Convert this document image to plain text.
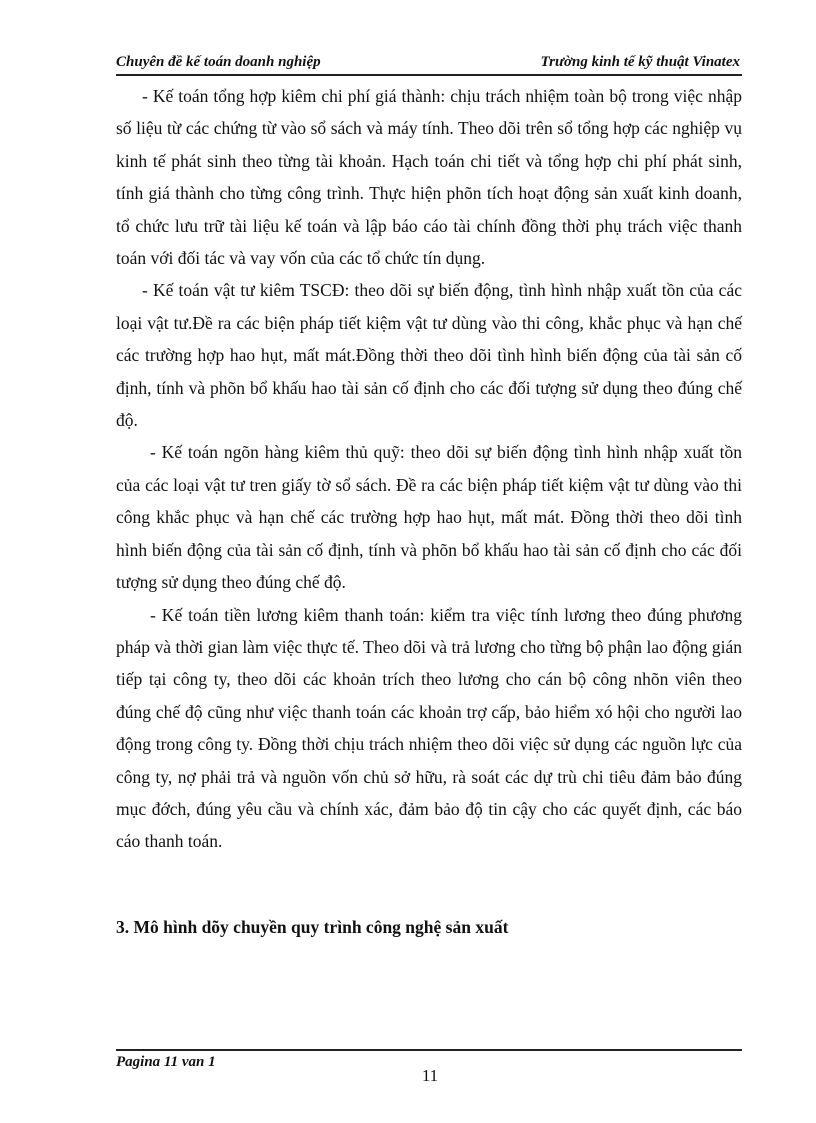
Chuyên đề kế toán doanh nghiệp	Trường kinh tế kỹ thuật Vinatex

- Kế toán tổng hợp kiêm chi phí giá thành: chịu trách nhiệm toàn bộ trong việc nhập số liệu từ các chứng từ vào sổ sách và máy tính. Theo dõi trên sổ tổng hợp các nghiệp vụ kinh tế phát sinh theo từng tài khoản. Hạch toán chi tiết và tổng hợp chi phí phát sinh, tính giá thành cho từng công trình. Thực hiện phõn tích hoạt động sản xuất kinh doanh, tổ chức lưu trữ tài liệu kế toán và lập báo cáo tài chính đồng thời phụ trách việc thanh toán với đối tác và vay vốn của các tổ chức tín dụng.

- Kế toán vật tư kiêm TSCĐ: theo dõi sự biến động, tình hình nhập xuất tồn của các loại vật tư.Đề ra các biện pháp tiết kiệm vật tư dùng vào thi công, khắc phục và hạn chế các trường hợp hao hụt, mất mát.Đồng thời theo dõi tình hình biến động của tài sản cố định, tính và phõn bổ khấu hao tài sản cố định cho các đối tượng sử dụng theo đúng chế độ.

- Kế toán ngõn hàng kiêm thủ quỹ: theo dõi sự biến động tình hình nhập xuất tồn của các loại vật tư tren giấy tờ sổ sách. Đề ra các biện pháp tiết kiệm vật tư dùng vào thi công khắc phục và hạn chế các trường hợp hao hụt, mất mát. Đồng thời theo dõi tình hình biến động của tài sản cố định, tính và phõn bổ khấu hao tài sản cố định cho các đối tượng sử dụng theo đúng chế độ.

- Kế toán tiền lương kiêm thanh toán: kiểm tra việc tính lương theo đúng phương pháp và thời gian làm việc thực tế. Theo dõi và trả lương cho từng bộ phận lao động gián tiếp tại công ty, theo dõi các khoản trích theo lương cho cán bộ công nhõn viên theo đúng chế độ cũng như việc thanh toán các khoản trợ cấp, bảo hiểm xó hội cho người lao động trong công ty. Đồng thời chịu trách nhiệm theo dõi việc sử dụng các nguồn lực của công ty, nợ phải trả và nguồn vốn chủ sở hữu, rà soát các dự trù chi tiêu đảm bảo đúng mục đớch, đúng yêu cầu và chính xác, đảm bảo độ tin cậy cho các quyết định, các báo cáo thanh toán.

3. Mô hình dõy chuyền quy trình công nghệ sản xuất
Pagina 11 van 1
11
